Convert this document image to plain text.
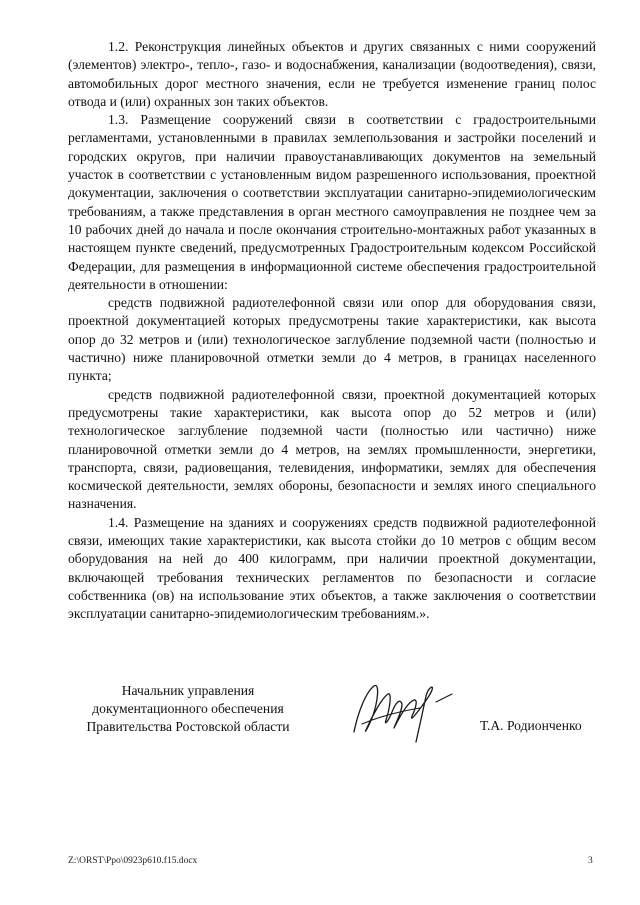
1.2. Реконструкция линейных объектов и других связанных с ними сооружений (элементов) электро-, тепло-, газо- и водоснабжения, канализации (водоотведения), связи, автомобильных дорог местного значения, если не требуется изменение границ полос отвода и (или) охранных зон таких объектов.

1.3. Размещение сооружений связи в соответствии с градостроительными регламентами, установленными в правилах землепользования и застройки поселений и городских округов, при наличии правоустанавливающих документов на земельный участок в соответствии с установленным видом разрешенного использования, проектной документации, заключения о соответствии эксплуатации санитарно-эпидемиологическим требованиям, а также представления в орган местного самоуправления не позднее чем за 10 рабочих дней до начала и после окончания строительно-монтажных работ указанных в настоящем пункте сведений, предусмотренных Градостроительным кодексом Российской Федерации, для размещения в информационной системе обеспечения градостроительной деятельности в отношении:

средств подвижной радиотелефонной связи или опор для оборудования связи, проектной документацией которых предусмотрены такие характеристики, как высота опор до 32 метров и (или) технологическое заглубление подземной части (полностью и частично) ниже планировочной отметки земли до 4 метров, в границах населенного пункта;

средств подвижной радиотелефонной связи, проектной документацией которых предусмотрены такие характеристики, как высота опор до 52 метров и (или) технологическое заглубление подземной части (полностью или частично) ниже планировочной отметки земли до 4 метров, на землях промышленности, энергетики, транспорта, связи, радиовещания, телевидения, информатики, землях для обеспечения космической деятельности, землях обороны, безопасности и землях иного специального назначения.

1.4. Размещение на зданиях и сооружениях средств подвижной радиотелефонной связи, имеющих такие характеристики, как высота стойки до 10 метров с общим весом оборудования на ней до 400 килограмм, при наличии проектной документации, включающей требования технических регламентов по безопасности и согласие собственника (ов) на использование этих объектов, а также заключения о соответствии эксплуатации санитарно-эпидемиологическим требованиям.».

Начальник управления
документационного обеспечения
Правительства Ростовской области	Т.А. Родионченко
Z:\ORST\Ppo\0923p610.f15.docx	3
